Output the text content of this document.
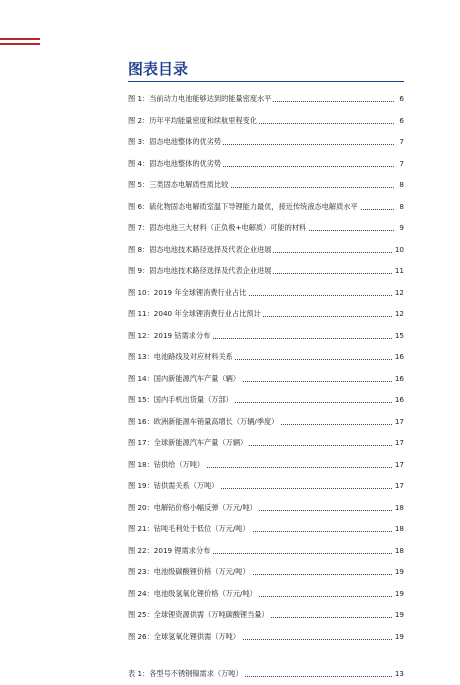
图表目录
图 1：当前动力电池能够达到的能量密度水平	6
图 2：历年平均能量密度和续航里程变化	6
图 3：固态电池整体的优劣势	7
图 4：固态电池整体的优劣势	7
图 5：三类固态电解质性质比较	8
图 6：硫化物固态电解质室温下导锂能力最优，接近传统液态电解质水平	8
图 7：固态电池三大材料（正负极+电解质）可能的材料	9
图 8：固态电池技术路径选择及代表企业进展	10
图 9：固态电池技术路径选择及代表企业进展	11
图 10：2019 年全球锂消费行业占比	12
图 11：2040 年全球锂消费行业占比预计	12
图 12：2019 钴需求分布	15
图 13：电池路线及对应材料关系	16
图 14：国内新能源汽车产量（辆）	16
图 15：国内手机出货量（万部）	16
图 16：欧洲新能源车销量高增长（万辆/季度）	17
图 17：全球新能源汽车产量（万辆）	17
图 18：钴供给（万吨）	17
图 19：钴供需关系（万吨）	17
图 20：电解钴价格小幅反弹（万元/吨）	18
图 21：钴吨毛利处于低位（万元/吨）	18
图 22：2019 锂需求分布	18
图 23：电池级碳酸锂价格（万元/吨）	19
图 24：电池级氢氧化锂价格（万元/吨）	19
图 25：全球锂资源供需（万吨碳酸锂当量）	19
图 26：全球氢氧化锂供需（万吨）	19
表 1：各型号不锈钢镍需求（万吨）	13
